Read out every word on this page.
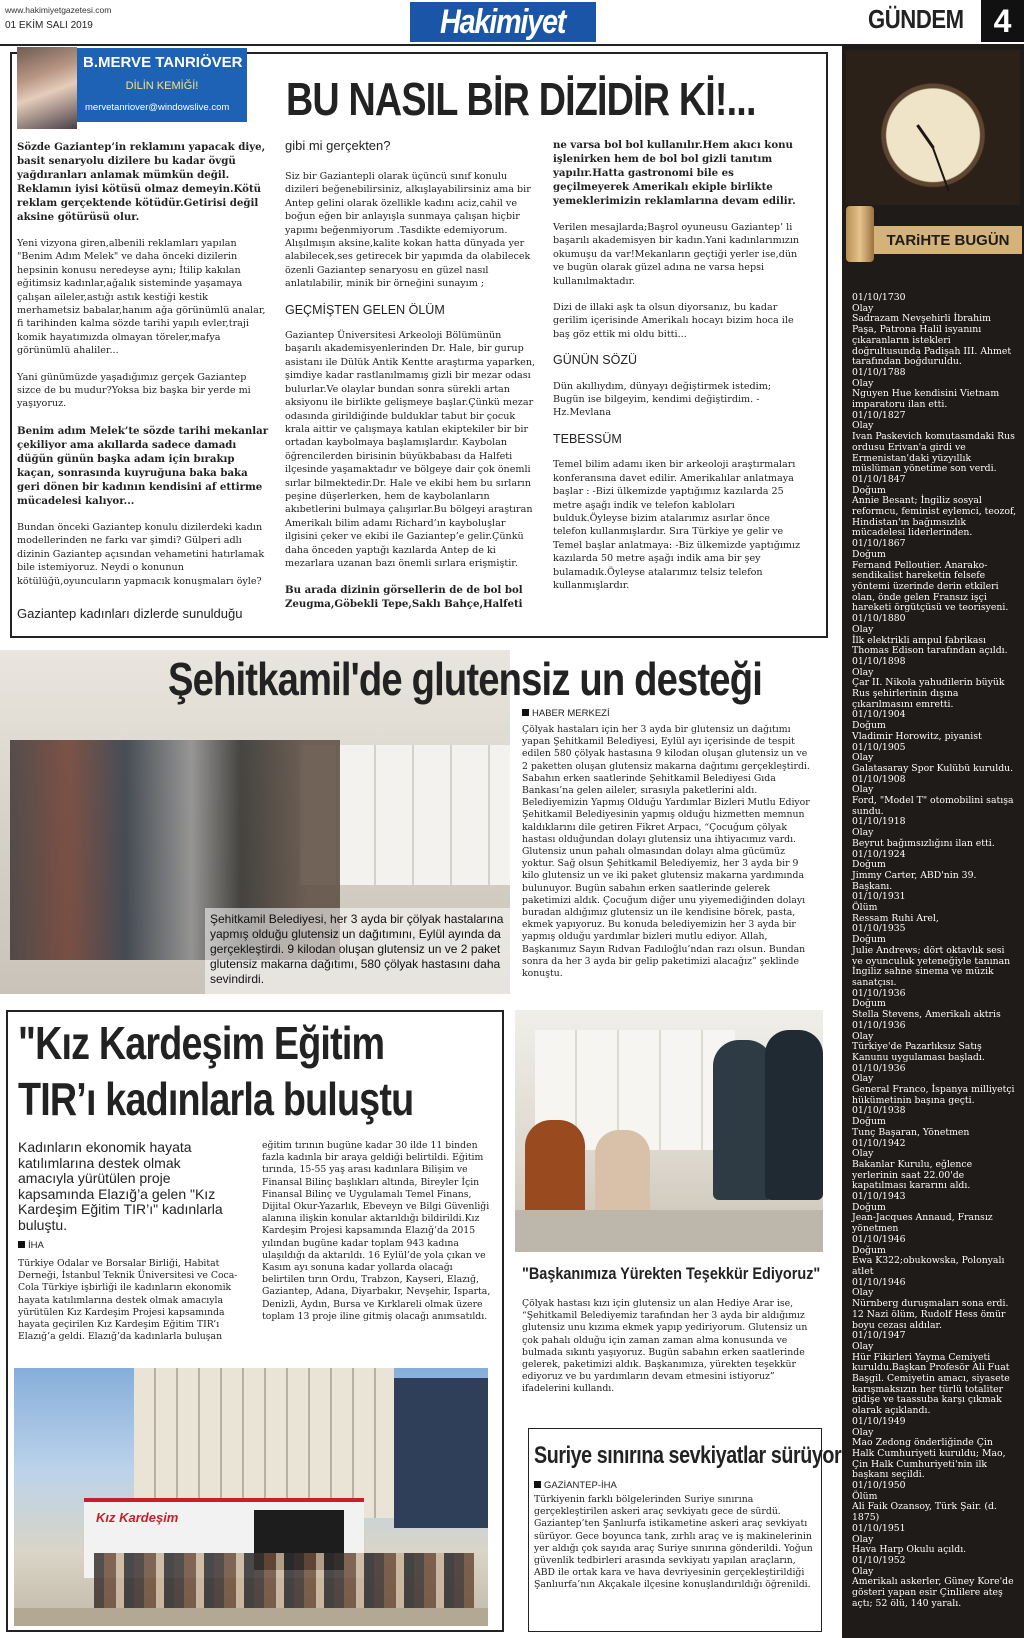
www.hakimiyetgazetesi.com
01 EKİM SALI 2019	Hakimiyet	GÜNDEM 4
B.MERVE TANRIÖVER
DİLİN KEMİĞİ!
mervetanriover@windowslive.com BU NASIL BİR DİZİDİR Kİ!...

Sözde Gaziantep’in reklamını yapacak diye, basit senaryolu dizilere bu kadar övgü yağdıranları anlamak mümkün değil. Reklamın iyisi kötüsü olmaz demeyin.Kötü reklam gerçektende kötüdür.Getirisi değil aksine götürüsü olur.

Yeni vizyona giren,albenili reklamları yapılan "Benim Adım Melek" ve daha önceki dizilerin hepsinin konusu neredeyse aynı; İtilip kakılan eğitimsiz kadınlar,ağalık sisteminde yaşamaya çalışan aileler,astığı astık kestiği kestik merhametsiz babalar,hanım ağa görünümlü analar, fi tarihinden kalma sözde tarihi yapılı evler,traji komik hayatımızda olmayan töreler,mafya görünümlü ahaliler...

Yani günümüzde yaşadığımız gerçek Gaziantep sizce de bu mudur?Yoksa biz başka bir yerde mi yaşıyoruz.

Benim adım Melek’te sözde tarihi mekanlar çekiliyor ama akıllarda sadece damadı düğün günün başka adam için bırakıp kaçan, sonrasında kuyruğuna baka baka geri dönen bir kadının kendisini af ettirme mücadelesi kalıyor...

Bundan önceki Gaziantep konulu dizilerdeki kadın modellerinden ne farkı var şimdi? Gülperi adlı dizinin Gaziantep açısından vehametini hatırlamak bile istemiyoruz. Neydi o konunun kötülüğü,oyuncuların yapmacık konuşmaları öyle?

Gaziantep kadınları dizlerde sunulduğu
gibi mi gerçekten?

Siz bir Gaziantepli olarak üçüncü sınıf konulu dizileri beğenebilirsiniz, alkışlayabilirsiniz ama bir Antep gelini olarak özellikle kadını aciz,cahil ve boğun eğen bir anlayışla sunmaya çalışan hiçbir yapımı beğenmiyorum .Tasdikte edemiyorum. Alışılmışın aksine,kalite kokan hatta dünyada yer alabilecek,ses getirecek bir yapımda da olabilecek özenli Gaziantep senaryosu en güzel nasıl anlatılabilir, minik bir örneğini sunayım ;

GEÇMİŞTEN GELEN ÖLÜM

Gaziantep Üniversitesi Arkeoloji Bölümünün başarılı akademisyenlerinden Dr. Hale, bir gurup asistanı ile Dülük Antik Kentte araştırma yaparken, şimdiye kadar rastlanılmamış gizli bir mezar odası bulurlar.Ve olaylar bundan sonra sürekli artan aksiyonu ile birlikte gelişmeye başlar.Çünkü mezar odasında girildiğinde bulduklar tabut bir çocuk krala aittir ve çalışmaya katılan ekiptekiler bir bir ortadan kaybolmaya başlamışlardır. Kaybolan öğrencilerden birisinin büyükbabası da Halfeti ilçesinde yaşamaktadır ve bölgeye dair çok önemli sırlar bilmektedir.Dr. Hale ve ekibi hem bu sırların peşine düşerlerken, hem de kaybolanların akıbetlerini bulmaya çalışırlar.Bu bölgeyi araştıran Amerikalı bilim adamı Richard’ın kayboluşlar ilgisini çeker ve ekibi ile Gaziantep’e gelir.Çünkü daha önceden yaptığı kazılarda Antep de ki mezarlara uzanan bazı önemli sırlara erişmiştir.

Bu arada dizinin görsellerin de de bol bol Zeugma,Göbekli Tepe,Saklı Bahçe,Halfeti

ne varsa bol bol kullanılır.Hem akıcı konu işlenirken hem de bol bol gizli tanıtım yapılır.Hatta gastronomi bile es geçilmeyerek Amerikalı ekiple birlikte yemeklerimizin reklamlarına devam edilir.

Verilen mesajlarda;Başrol oyuneusu Gaziantep’ li başarılı akademisyen bir kadın.Yani kadınlarımızın okumuşu da var!Mekanların geçtiği yerler ise,dün ve bugün olarak güzel adına ne varsa hepsi kullanılmaktadır.

Dizi de illaki aşk ta olsun diyorsanız, bu kadar gerilim içerisinde Amerikalı hocayı bizim hoca ile baş göz ettik mi oldu bitti...

GÜNÜN SÖZÜ

Dün akıllıydım, dünyayı değiştirmek istedim; Bugün ise bilgeyim, kendimi değiştirdim. -Hz.Mevlana

TEBESSÜM

Temel bilim adamı iken bir arkeoloji araştırmaları konferansına davet edilir. Amerikalılar anlatmaya başlar : -Bizi ülkemizde yaptığımız kazılarda 25 metre aşağı indik ve telefon kabloları bulduk.Öyleyse bizim atalarımız asırlar önce telefon kullanmışlardır. Sıra Türkiye ye gelir ve Temel başlar anlatmaya: -Biz ülkemizde yaptığımız kazılarda 50 metre aşağı indik ama bir şey bulamadık.Öyleyse atalarımız telsiz telefon kullanmışlardır.

Şehitkamil Belediyesi, her 3 ayda bir çölyak hastalarına yapmış olduğu glutensiz un dağıtımını, Eylül ayında da gerçekleştirdi. 9 kilodan oluşan glutensiz un ve 2 paket glutensiz makarna dağıtımı, 580 çölyak hastasını daha sevindirdi.
Şehitkamil'de glutensiz un desteği
HABER MERKEZİ
Çölyak hastaları için her 3 ayda bir glutensiz un dağıtımı yapan Şehitkamil Belediyesi, Eylül ayı içerisinde de tespit edilen 580 çölyak hastasına 9 kilodan oluşan glutensiz un ve 2 paketten oluşan glutensiz makarna dağıtımı gerçekleştirdi. Sabahın erken saatlerinde Şehitkamil Belediyesi Gıda Bankası’na gelen aileler, sırasıyla paketlerini aldı. Belediyemizin Yapmış Olduğu Yardımlar Bizleri Mutlu Ediyor Şehitkamil Belediyesinin yapmış olduğu hizmetten memnun kaldıklarını dile getiren Fikret Arpacı, “Çocuğum çölyak hastası olduğundan dolayı glutensiz una ihtiyacımız vardı. Glutensiz unun pahalı olmasından dolayı alma gücümüz yoktur. Sağ olsun Şehitkamil Belediyemiz, her 3 ayda bir 9 kilo glutensiz un ve iki paket glutensiz makarna yardımında bulunuyor. Bugün sabahın erken saatlerinde gelerek paketimizi aldık. Çocuğum diğer unu yiyemediğinden dolayı buradan aldığımız glutensiz un ile kendisine börek, pasta, ekmek yapıyoruz. Bu konuda belediyemizin her 3 ayda bir yapmış olduğu yardımlar bizleri mutlu ediyor. Allah, Başkanımız Sayın Rıdvan Fadıloğlu’ndan razı olsun. Bundan sonra da her 3 ayda bir gelip paketimizi alacağız” şeklinde konuştu.
"Başkanımıza Yürekten Teşekkür Ediyoruz"
Çölyak hastası kızı için glutensiz un alan Hediye Arar ise, “Şehitkamil Belediyemiz tarafından her 3 ayda bir aldığımız glutensiz unu kızıma ekmek yapıp yediriyorum. Glutensiz un çok pahalı olduğu için zaman zaman alma konusunda ve bulmada sıkıntı yaşıyoruz. Bugün sabahın erken saatlerinde gelerek, paketimizi aldık. Başkanımıza, yürekten teşekkür ediyoruz ve bu yardımların devam etmesini istiyoruz” ifadelerini kullandı.
"Kız Kardeşim Eğitim
TIR’ı kadınlarla buluştu
Kadınların ekonomik hayata katılımlarına destek olmak amacıyla yürütülen proje kapsamında Elazığ’a gelen "Kız Kardeşim Eğitim TIR’ı" kadınlarla buluştu.
İHA
Türkiye Odalar ve Borsalar Birliği, Habitat Derneği, İstanbul Teknik Üniversitesi ve Coca-Cola Türkiye işbirliği ile kadınların ekonomik hayata katılımlarına destek olmak amacıyla yürütülen Kız Kardeşim Projesi kapsamında hayata geçirilen Kız Kardeşim Eğitim TIR’ı Elazığ’a geldi. Elazığ’da kadınlarla buluşan
eğitim tırının bugüne kadar 30 ilde 11 binden fazla kadınla bir araya geldiği belirtildi. Eğitim tırında, 15-55 yaş arası kadınlara Bilişim ve Finansal Bilinç başlıkları altında, Bireyler İçin Finansal Bilinç ve Uygulamalı Temel Finans, Dijital Okur-Yazarlık, Ebeveyn ve Bilgi Güvenliği alanına ilişkin konular aktarıldığı bildirildi.Kız Kardeşim Projesi kapsamında Elazığ’da 2015 yılından bugüne kadar toplam 943 kadına ulaşıldığı da aktarıldı. 16 Eylül’de yola çıkan ve Kasım ayı sonuna kadar yollarda olacağı belirtilen tırın Ordu, Trabzon, Kayseri, Elazığ, Gaziantep, Adana, Diyarbakır, Nevşehir, Isparta, Denizli, Aydın, Bursa ve Kırklareli olmak üzere toplam 13 proje iline gitmiş olacağı anımsatıldı.
Kız Kardeşim
Suriye sınırına sevkiyatlar sürüyor
GAZİANTEP-İHA
Türkiyenin farklı bölgelerinden Suriye sınırına gerçekleştirilen askeri araç sevkiyatı gece de sürdü. Gaziantep’ten Şanlıurfa istikametine askeri araç sevkiyatı sürüyor. Gece boyunca tank, zırhlı araç ve iş makinelerinin yer aldığı çok sayıda araç Suriye sınırına gönderildi. Yoğun güvenlik tedbirleri arasında sevkiyatı yapılan araçların, ABD ile ortak kara ve hava devriyesinin gerçekleştirildiği Şanlıurfa’nın Akçakale ilçesine konuşlandırıldığı öğrenildi.
TARiHTE BUGÜN
01/10/1730
Olay
Sadrazam Nevşehirli İbrahim Paşa, Patrona Halil isyanını çıkaranların istekleri doğrultusunda Padişah III. Ahmet tarafından boğduruldu.
01/10/1788
Olay
Nguyen Hue kendisini Vietnam imparatoru ilan etti.
01/10/1827
Olay
Ivan Paskevich komutasındaki Rus ordusu Erivan'a girdi ve Ermenistan'daki yüzyıllık müslüman yönetime son verdi.
01/10/1847
Doğum
Annie Besant; İngiliz sosyal reformcu, feminist eylemci, teozof, Hindistan'ın bağımsızlık mücadelesi liderlerinden.
01/10/1867
Doğum
Fernand Pelloutier. Anarako-sendikalist hareketin felsefe yöntemi üzerinde derin etkileri olan, önde gelen Fransız işçi hareketi örgütçüsü ve teorisyeni.
01/10/1880
Olay
İlk elektrikli ampul fabrikası Thomas Edison tarafından açıldı.
01/10/1898
Olay
Çar II. Nikola yahudilerin büyük Rus şehirlerinin dışına çıkarılmasını emretti.
01/10/1904
Doğum
Vladimir Horowitz, piyanist
01/10/1905
Olay
Galatasaray Spor Kulübü kuruldu.
01/10/1908
Olay
Ford, "Model T" otomobilini satışa sundu.
01/10/1918
Olay
Beyrut bağımsızlığını ilan etti.
01/10/1924
Doğum
Jimmy Carter, ABD'nin 39. Başkanı.
01/10/1931
Ölüm
Ressam Ruhi Arel,
01/10/1935
Doğum
Julie Andrews; dört oktavlık sesi ve oyunculuk yeteneğiyle tanınan İngiliz sahne sinema ve müzik sanatçısı.
01/10/1936
Doğum
Stella Stevens, Amerikalı aktris
01/10/1936
Olay
Türkiye'de Pazarlıksız Satış Kanunu uygulaması başladı.
01/10/1936
Olay
General Franco, İspanya milliyetçi hükümetinin başına geçti.
01/10/1938
Doğum
Tunç Başaran, Yönetmen
01/10/1942
Olay
Bakanlar Kurulu, eğlence yerlerinin saat 22.00'de kapatılması kararını aldı.
01/10/1943
Doğum
Jean-Jacques Annaud, Fransız yönetmen
01/10/1946
Doğum
Ewa K322;obukowska, Polonyalı atlet
01/10/1946
Olay
Nürnberg duruşmaları sona erdi. 12 Nazi ölüm, Rudolf Hess ömür boyu cezası aldılar.
01/10/1947
Olay
Hür Fikirleri Yayma Cemiyeti kuruldu.Başkan Profesör Ali Fuat Başgil. Cemiyetin amacı, siyasete karışmaksızın her türlü totaliter gidişe ve taassuba karşı çıkmak olarak açıklandı.
01/10/1949
Olay
Mao Zedong önderliğinde Çin Halk Cumhuriyeti kuruldu; Mao, Çin Halk Cumhuriyeti'nin ilk başkanı seçildi.
01/10/1950
Ölüm
Ali Faik Ozansoy, Türk Şair. (d. 1875)
01/10/1951
Olay
Hava Harp Okulu açıldı.
01/10/1952
Olay
Amerikalı askerler, Güney Kore'de gösteri yapan esir Çinlilere ateş açtı; 52 ölü, 140 yaralı.
